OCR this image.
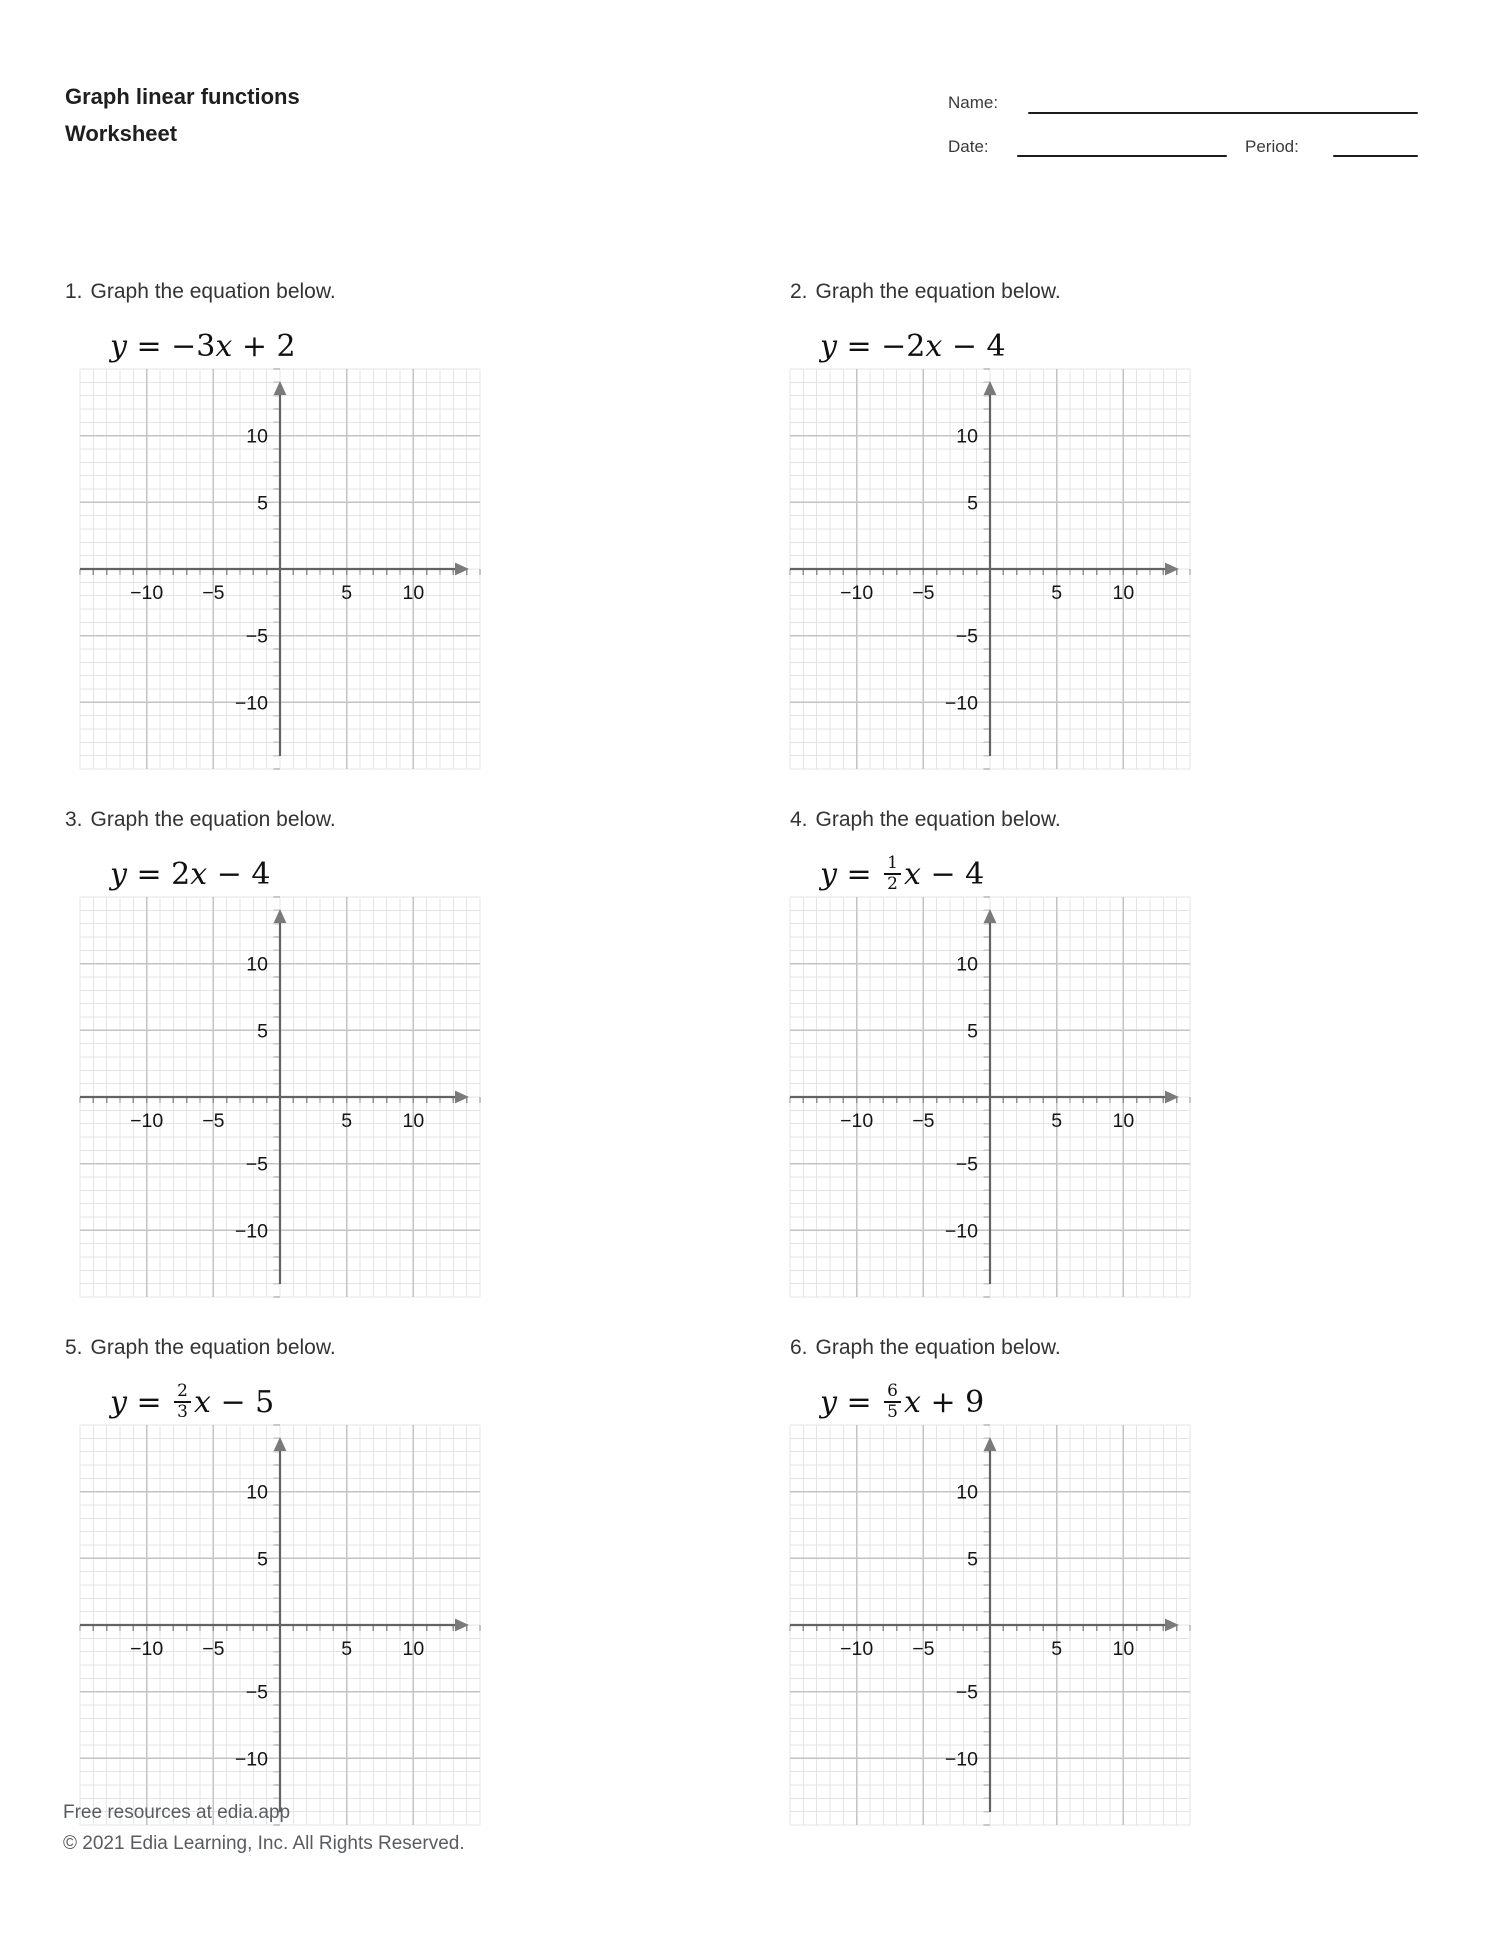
Graph linear functions
Worksheet
Name:
Date:	Period:
1. Graph the equation below.
y = −3 x + 2
−10 −5	5	10
10
5
−5
−10
2. Graph the equation below.
y = −2 x − 4
−10 −5	5	10
10
5
−5
−10
3. Graph the equation below.
y = 2 x − 4
−10 −5	5	10
10
5
−5
−10
4. Graph the equation below.
$y = \frac{1}{2}$ x − 4
−10 −5	5	10
10
5
−5
−10
5. Graph the equation below.
$y = \frac{2}{3}$ x − 5
−10 −5	5	10
10
5
−5
−10
6. Graph the equation below.
$y = \frac{6}{5}$ x + 9
−10 −5	5	10
10
5
−5
−10
Free resources at edia.app
© 2021 Edia Learning, Inc. All Rights Reserved.
